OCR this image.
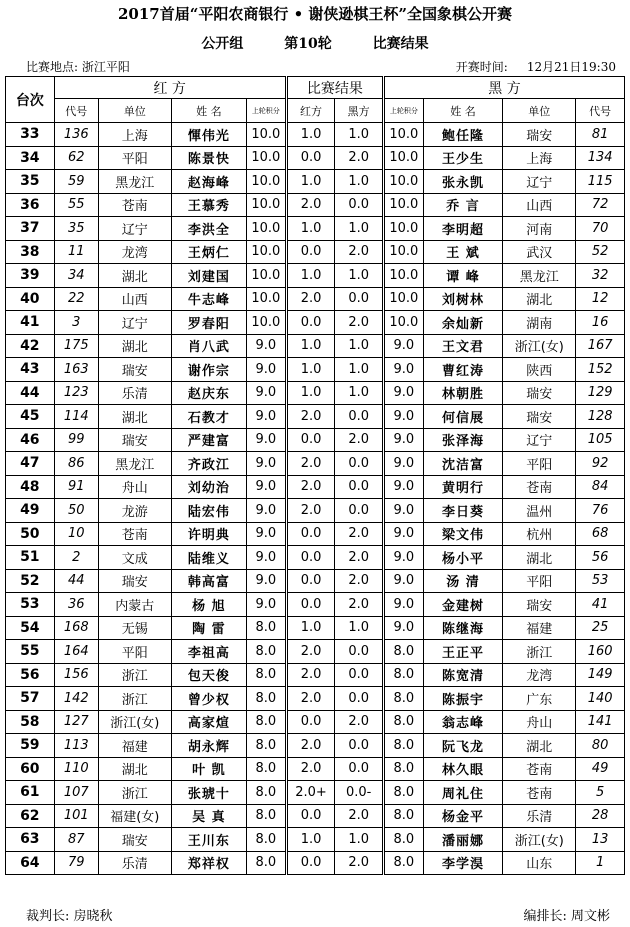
2017首届“平阳农商银行 • 谢侠逊棋王杯”全国象棋公开赛
公开组	第10轮	比赛结果
比赛地点: 浙江平阳	开赛时间: 12月21日19:30
台次	红 方				比赛结果		黑 方			
	代号	单位	姓 名	上轮积分	红方	黑方	上轮积分	姓 名	单位	代号
33	136	上海	惲伟光	10.0	1.0	1.0	10.0	鲍任隆	瑞安	81
34	62	平阳	陈景快	10.0	0.0	2.0	10.0	王少生	上海	134
35	59	黑龙江	赵海峰	10.0	1.0	1.0	10.0	张永凯	辽宁	115
36	55	苍南	王慕秀	10.0	2.0	0.0	10.0	乔 言	山西	72
37	35	辽宁	李洪全	10.0	1.0	1.0	10.0	李明超	河南	70
38	11	龙湾	王炳仁	10.0	0.0	2.0	10.0	王 斌	武汉	52
39	34	湖北	刘建国	10.0	1.0	1.0	10.0	谭 峰	黑龙江	32
40	22	山西	牛志峰	10.0	2.0	0.0	10.0	刘树林	湖北	12
41	3	辽宁	罗春阳	10.0	0.0	2.0	10.0	余灿新	湖南	16
42	175	湖北	肖八武	9.0	1.0	1.0	9.0	王文君	浙江(女)	167
43	163	瑞安	谢作宗	9.0	1.0	1.0	9.0	曹红涛	陕西	152
44	123	乐清	赵庆东	9.0	1.0	1.0	9.0	林朝胜	瑞安	129
45	114	湖北	石教才	9.0	2.0	0.0	9.0	何信展	瑞安	128
46	99	瑞安	严建富	9.0	0.0	2.0	9.0	张泽海	辽宁	105
47	86	黑龙江	齐政江	9.0	2.0	0.0	9.0	沈洁富	平阳	92
48	91	舟山	刘幼治	9.0	2.0	0.0	9.0	黄明行	苍南	84
49	50	龙游	陆宏伟	9.0	2.0	0.0	9.0	李日葵	温州	76
50	10	苍南	许明典	9.0	0.0	2.0	9.0	梁文伟	杭州	68
51	2	文成	陆维义	9.0	0.0	2.0	9.0	杨小平	湖北	56
52	44	瑞安	韩高富	9.0	0.0	2.0	9.0	汤 清	平阳	53
53	36	内蒙古	杨 旭	9.0	0.0	2.0	9.0	金建树	瑞安	41
54	168	无锡	陶 雷	8.0	1.0	1.0	9.0	陈继海	福建	25
55	164	平阳	李祖高	8.0	2.0	0.0	8.0	王正平	浙江	160
56	156	浙江	包天俊	8.0	2.0	0.0	8.0	陈宽清	龙湾	149
57	142	浙江	曾少权	8.0	2.0	0.0	8.0	陈振宇	广东	140
58	127	浙江(女)	高家煊	8.0	0.0	2.0	8.0	翁志峰	舟山	141
59	113	福建	胡永辉	8.0	2.0	0.0	8.0	阮飞龙	湖北	80
60	110	湖北	叶 凯	8.0	2.0	0.0	8.0	林久眼	苍南	49
61	107	浙江	张琥十	8.0	2.0+	0.0-	8.0	周礼住	苍南	5
62	101	福建(女)	吴 真	8.0	0.0	2.0	8.0	杨金平	乐清	28
63	87	瑞安	王川东	8.0	1.0	1.0	8.0	潘丽娜	浙江(女)	13
64	79	乐清	郑祥权	8.0	0.0	2.0	8.0	李学淏	山东	1
裁判长: 房晓秋	编排长: 周文彬
